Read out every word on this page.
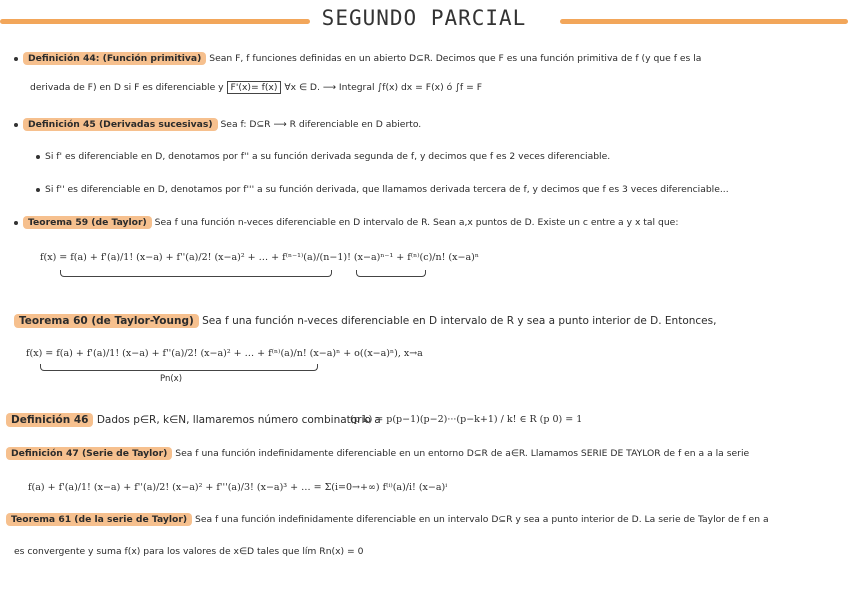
SEGUNDO PARCIAL
Definición 44: (Función primitiva) Sean F, f funciones definidas en un abierto D⊆R. Decimos que F es una función primitiva de f (y que f es la
derivada de F) en D si F es diferenciable y F'(x)= f(x) ∀x ∈ D. ⟶ Integral ∫f(x) dx = F(x) ó ∫f = F
Definición 45 (Derivadas sucesivas) Sea f: D⊆R ⟶ R diferenciable en D abierto.
Si f' es diferenciable en D, denotamos por f'' a su función derivada segunda de f, y decimos que f es 2 veces diferenciable.
Si f'' es diferenciable en D, denotamos por f''' a su función derivada, que llamamos derivada tercera de f, y decimos que f es 3 veces diferenciable...
Teorema 59 (de Taylor) Sea f una función n-veces diferenciable en D intervalo de R. Sean a,x puntos de D. Existe un c entre a y x tal que:
f(x) = f(a) + f'(a)/1! (x−a) + f''(a)/2! (x−a)² + … + f⁽ⁿ⁻¹⁾(a)/(n−1)! (x−a)ⁿ⁻¹ + f⁽ⁿ⁾(c)/n! (x−a)ⁿ
Teorema 60 (de Taylor-Young) Sea f una función n-veces diferenciable en D intervalo de R y sea a punto interior de D. Entonces,
f(x) = f(a) + f'(a)/1! (x−a) + f''(a)/2! (x−a)² + … + f⁽ⁿ⁾(a)/n! (x−a)ⁿ + o((x−a)ⁿ), x→a
Pn(x)
Definición 46 Dados p∈R, k∈N, llamaremos número combinatorio a
(p k) = p(p−1)(p−2)···(p−k+1) / k! ∈ R (p 0) = 1
Definición 47 (Serie de Taylor) Sea f una función indefinidamente diferenciable en un entorno D⊆R de a∈R. Llamamos SERIE DE TAYLOR de f en a a la serie
f(a) + f'(a)/1! (x−a) + f''(a)/2! (x−a)² + f'''(a)/3! (x−a)³ + … = Σ(i=0→+∞) f⁽ⁱ⁾(a)/i! (x−a)ⁱ
Teorema 61 (de la serie de Taylor) Sea f una función indefinidamente diferenciable en un intervalo D⊆R y sea a punto interior de D. La serie de Taylor de f en a
es convergente y suma f(x) para los valores de x∈D tales que lím Rn(x) = 0
